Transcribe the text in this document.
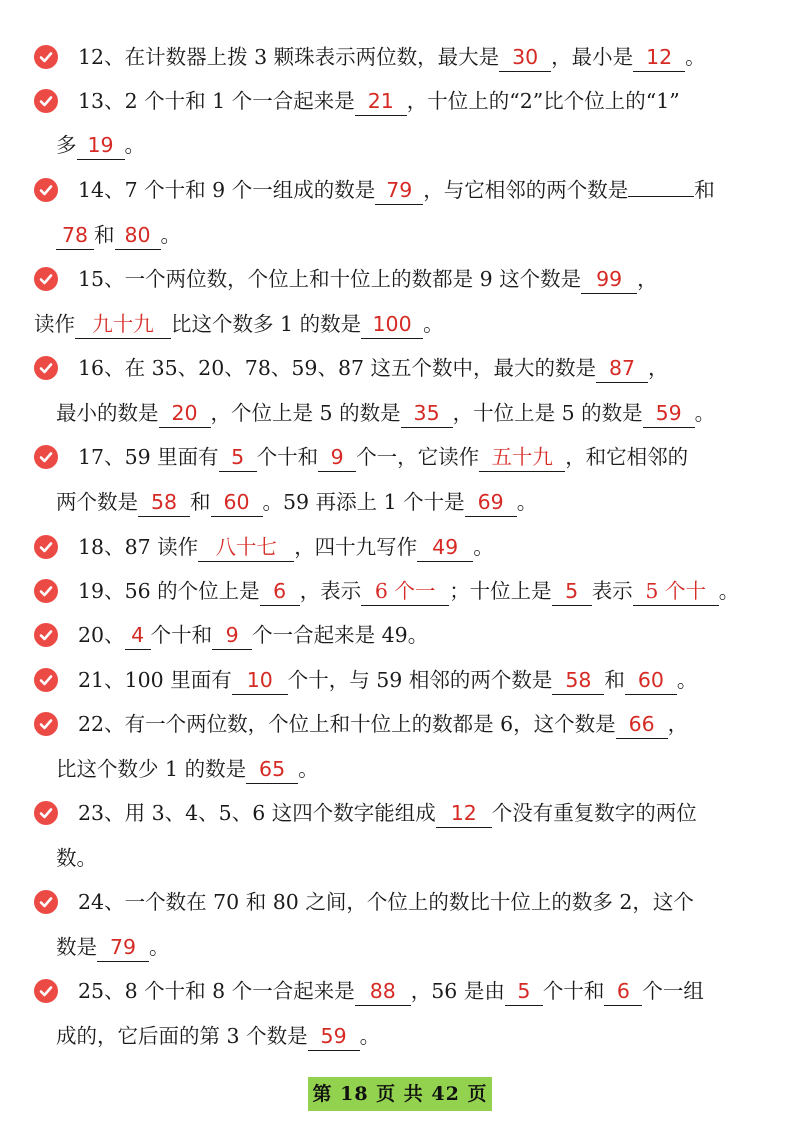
12、在计数器上拨 3 颗珠表示两位数，最大是 30 ，最小是 12 。
13、2 个十和 1 个一合起来是 21 ，十位上的“2”比个位上的“1”
多 19 。
14、7 个十和 9 个一组成的数是 79 ，与它相邻的两个数是	和
78 和 80 。
15、一个两位数，个位上和十位上的数都是 9 这个数是 99 ，
读作 九十九 比这个数多 1 的数是 100 。
16、在 35、20、78、59、87 这五个数中，最大的数是 87 ，
最小的数是 20 ，个位上是 5 的数是 35 ，十位上是 5 的数是 59 。
17、59 里面有 5 个十和 9 个一，它读作 五十九 ，和它相邻的
两个数是 58 和 60 。59 再添上 1 个十是 69 。
18、87 读作 八十七 ，四十九写作 49 。
19、56 的个位上是 6 ，表示 6 个一 ；十位上是 5 表示 5 个十 。
20、 4 个十和 9 个一合起来是 49。
21、100 里面有 10 个十，与 59 相邻的两个数是 58 和 60 。
22、有一个两位数，个位上和十位上的数都是 6，这个数是 66 ，
比这个数少 1 的数是 65 。
23、用 3、4、5、6 这四个数字能组成 12 个没有重复数字的两位
数。
24、一个数在 70 和 80 之间，个位上的数比十位上的数多 2，这个
数是 79 。
25、8 个十和 8 个一合起来是 88 ，56 是由 5 个十和 6 个一组
成的，它后面的第 3 个数是 59 。
第 18 页 共 42 页
